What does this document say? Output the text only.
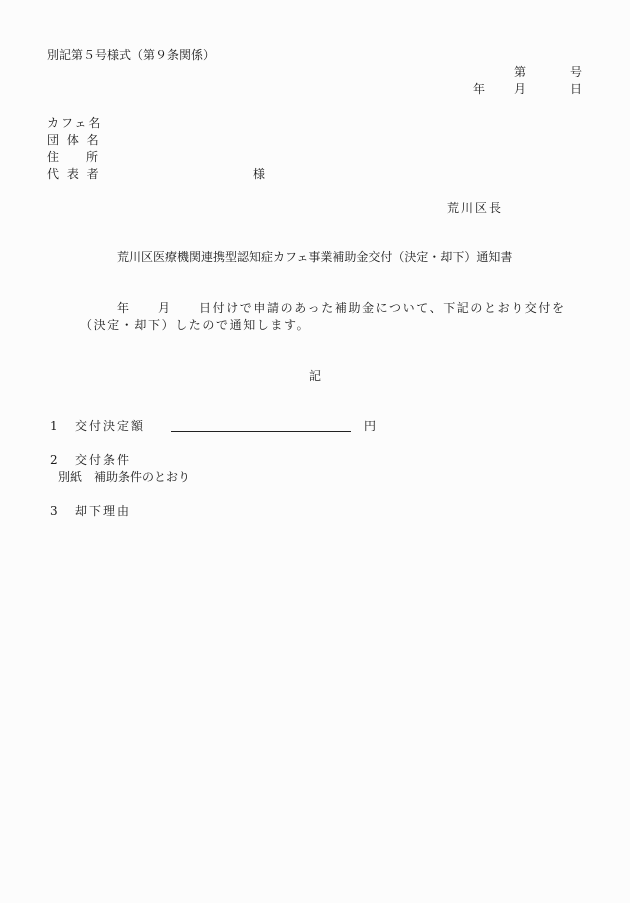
別記第５号様式（第９条関係）
第	号
年 月	日
カフェ名
団 体 名
住 所
代 表 者	様
荒川区長
荒川区医療機関連携型認知症カフェ事業補助金交付（決定・却下）通知書
年 月 日付けで申請のあった補助金について、下記のとおり交付を
（決定・却下）したので通知します。
記
1 交付決定額	円
2 交付条件
別紙　補助条件のとおり
3 却下理由
